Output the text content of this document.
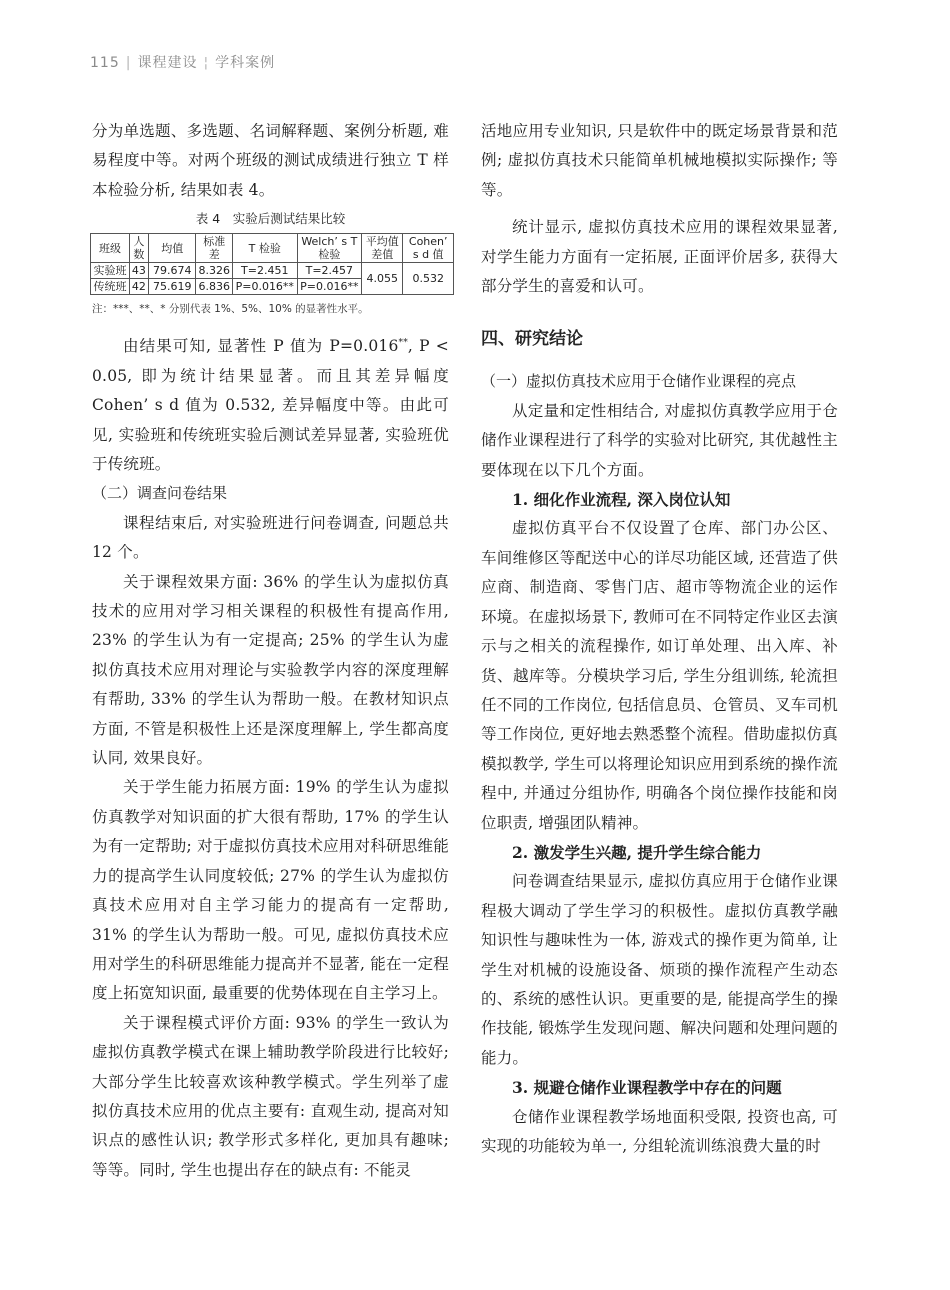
115 | 课程建设 ¦ 学科案例

分为单选题、多选题、名词解释题、案例分析题, 难易程度中等。对两个班级的测试成绩进行独立 T 样本检验分析, 结果如表 4。

表 4　实验后测试结果比较
班级	人数	均值	标准差	T 检验	Welch’ s T 检验	平均值差值	Cohen’ s d 值
实验班	43	79.674	8.326	T=2.451	T=2.457	4.055	0.532
传统班	42	75.619	6.836	P=0.016**	P=0.016**		
注：***、**、* 分别代表 1%、5%、10% 的显著性水平。

由结果可知, 显著性 P 值为 P=0.016**, P < 0.05, 即为统计结果显著。而且其差异幅度 Cohen’ s d 值为 0.532, 差异幅度中等。由此可见, 实验班和传统班实验后测试差异显著, 实验班优于传统班。

（二）调查问卷结果

课程结束后, 对实验班进行问卷调查, 问题总共 12 个。

关于课程效果方面: 36% 的学生认为虚拟仿真技术的应用对学习相关课程的积极性有提高作用, 23% 的学生认为有一定提高; 25% 的学生认为虚拟仿真技术应用对理论与实验教学内容的深度理解有帮助, 33% 的学生认为帮助一般。在教材知识点方面, 不管是积极性上还是深度理解上, 学生都高度认同, 效果良好。

关于学生能力拓展方面: 19% 的学生认为虚拟仿真教学对知识面的扩大很有帮助, 17% 的学生认为有一定帮助; 对于虚拟仿真技术应用对科研思维能力的提高学生认同度较低; 27% 的学生认为虚拟仿真技术应用对自主学习能力的提高有一定帮助, 31% 的学生认为帮助一般。可见, 虚拟仿真技术应用对学生的科研思维能力提高并不显著, 能在一定程度上拓宽知识面, 最重要的优势体现在自主学习上。

关于课程模式评价方面: 93% 的学生一致认为虚拟仿真教学模式在课上辅助教学阶段进行比较好; 大部分学生比较喜欢该种教学模式。学生列举了虚拟仿真技术应用的优点主要有: 直观生动, 提高对知识点的感性认识; 教学形式多样化, 更加具有趣味; 等等。同时, 学生也提出存在的缺点有: 不能灵

活地应用专业知识, 只是软件中的既定场景背景和范例; 虚拟仿真技术只能简单机械地模拟实际操作; 等等。

统计显示, 虚拟仿真技术应用的课程效果显著, 对学生能力方面有一定拓展, 正面评价居多, 获得大部分学生的喜爱和认可。

四、研究结论
（一）虚拟仿真技术应用于仓储作业课程的亮点

从定量和定性相结合, 对虚拟仿真教学应用于仓储作业课程进行了科学的实验对比研究, 其优越性主要体现在以下几个方面。

1. 细化作业流程, 深入岗位认知

虚拟仿真平台不仅设置了仓库、部门办公区、车间维修区等配送中心的详尽功能区域, 还营造了供应商、制造商、零售门店、超市等物流企业的运作环境。在虚拟场景下, 教师可在不同特定作业区去演示与之相关的流程操作, 如订单处理、出入库、补货、越库等。分模块学习后, 学生分组训练, 轮流担任不同的工作岗位, 包括信息员、仓管员、叉车司机等工作岗位, 更好地去熟悉整个流程。借助虚拟仿真模拟教学, 学生可以将理论知识应用到系统的操作流程中, 并通过分组协作, 明确各个岗位操作技能和岗位职责, 增强团队精神。

2. 激发学生兴趣, 提升学生综合能力

问卷调查结果显示, 虚拟仿真应用于仓储作业课程极大调动了学生学习的积极性。虚拟仿真教学融知识性与趣味性为一体, 游戏式的操作更为简单, 让学生对机械的设施设备、烦琐的操作流程产生动态的、系统的感性认识。更重要的是, 能提高学生的操作技能, 锻炼学生发现问题、解决问题和处理问题的能力。

3. 规避仓储作业课程教学中存在的问题

仓储作业课程教学场地面积受限, 投资也高, 可实现的功能较为单一, 分组轮流训练浪费大量的时
